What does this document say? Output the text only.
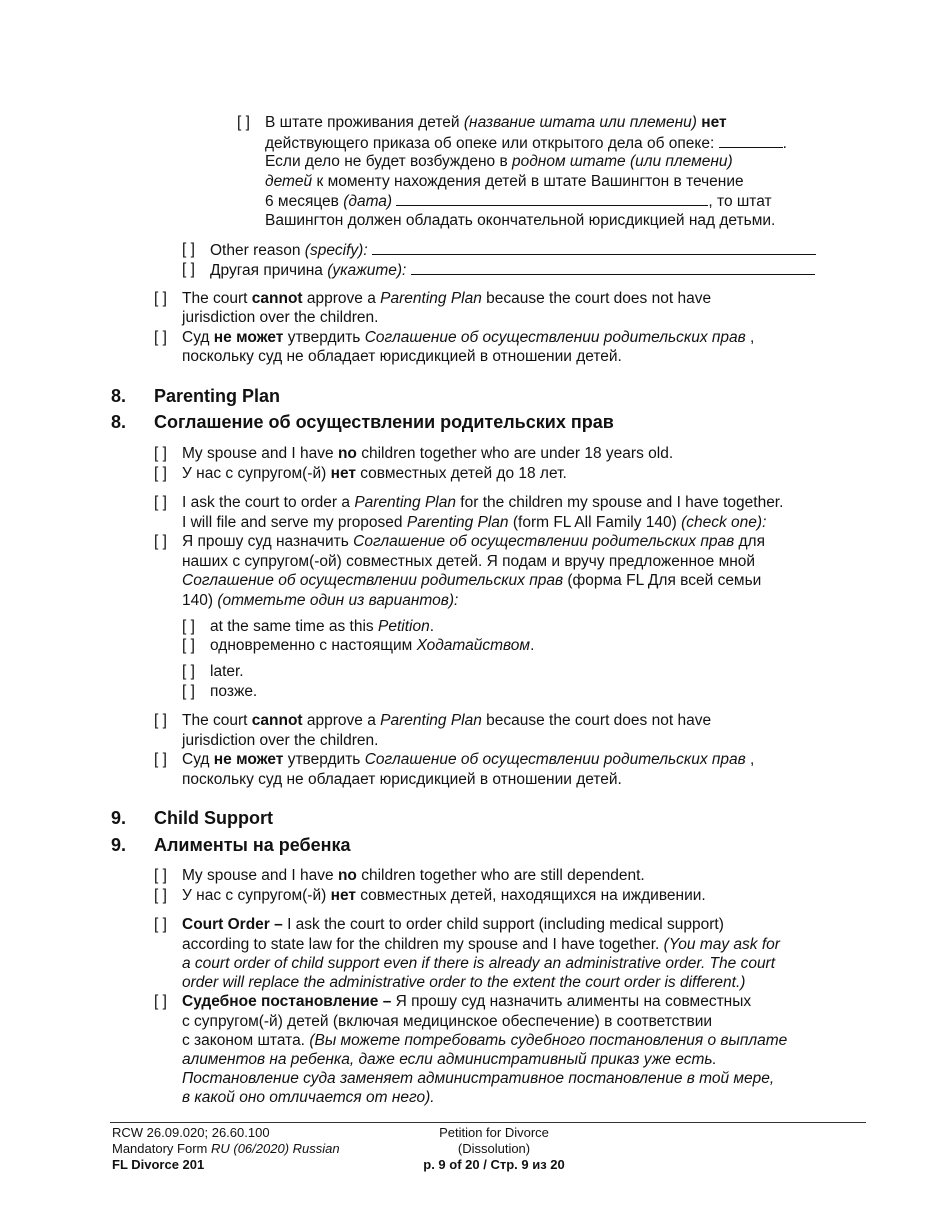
[ ] В штате проживания детей (название штата или племени) нет
действующего приказа об опеке или открытого дела об опеке:	.
Если дело не будет возбуждено в родном штате (или племени)
детей к моменту нахождения детей в штате Вашингтон в течение
6 месяцев (дата)	, то штат
Вашингтон должен обладать окончательной юрисдикцией над детьми.
[ ] Other reason (specify):
[ ] Другая причина (укажите):
[ ] The court cannot approve a Parenting Plan because the court does not have
jurisdiction over the children.
[ ] Суд не может утвердить Соглашение об осуществлении родительских прав ,
поскольку суд не обладает юрисдикцией в отношении детей.
8. Parenting Plan
8. Соглашение об осуществлении родительских прав
[ ] My spouse and I have no children together who are under 18 years old.
[ ] У нас с супругом(-й) нет совместных детей до 18 лет.
[ ] I ask the court to order a Parenting Plan for the children my spouse and I have together.
I will file and serve my proposed Parenting Plan (form FL All Family 140) (check one):
[ ] Я прошу суд назначить Соглашение об осуществлении родительских прав для
наших с супругом(-ой) совместных детей. Я подам и вручу предложенное мной
Соглашение об осуществлении родительских прав (форма FL Для всей семьи
140) (отметьте один из вариантов):
[ ] at the same time as this Petition.
[ ] одновременно с настоящим Ходатайством.
[ ] later.
[ ] позже.
[ ] The court cannot approve a Parenting Plan because the court does not have
jurisdiction over the children.
[ ] Суд не может утвердить Соглашение об осуществлении родительских прав ,
поскольку суд не обладает юрисдикцией в отношении детей.
9. Child Support
9. Алименты на ребенка
[ ] My spouse and I have no children together who are still dependent.
[ ] У нас с супругом(-й) нет совместных детей, находящихся на иждивении.
[ ] Court Order – I ask the court to order child support (including medical support)
according to state law for the children my spouse and I have together. (You may ask for
a court order of child support even if there is already an administrative order. The court
order will replace the administrative order to the extent the court order is different.)
[ ] Судебное постановление – Я прошу суд назначить алименты на совместных
с супругом(-й) детей (включая медицинское обеспечение) в соответствии
с законом штата. (Вы можете потребовать судебного постановления о выплате
алиментов на ребенка, даже если административный приказ уже есть.
Постановление суда заменяет административное постановление в той мере,
в какой оно отличается от него).
RCW 26.09.020; 26.60.100
Mandatory Form RU (06/2020) Russian
FL Divorce 201
Petition for Divorce
(Dissolution)
p. 9 of 20 / Стр. 9 из 20
